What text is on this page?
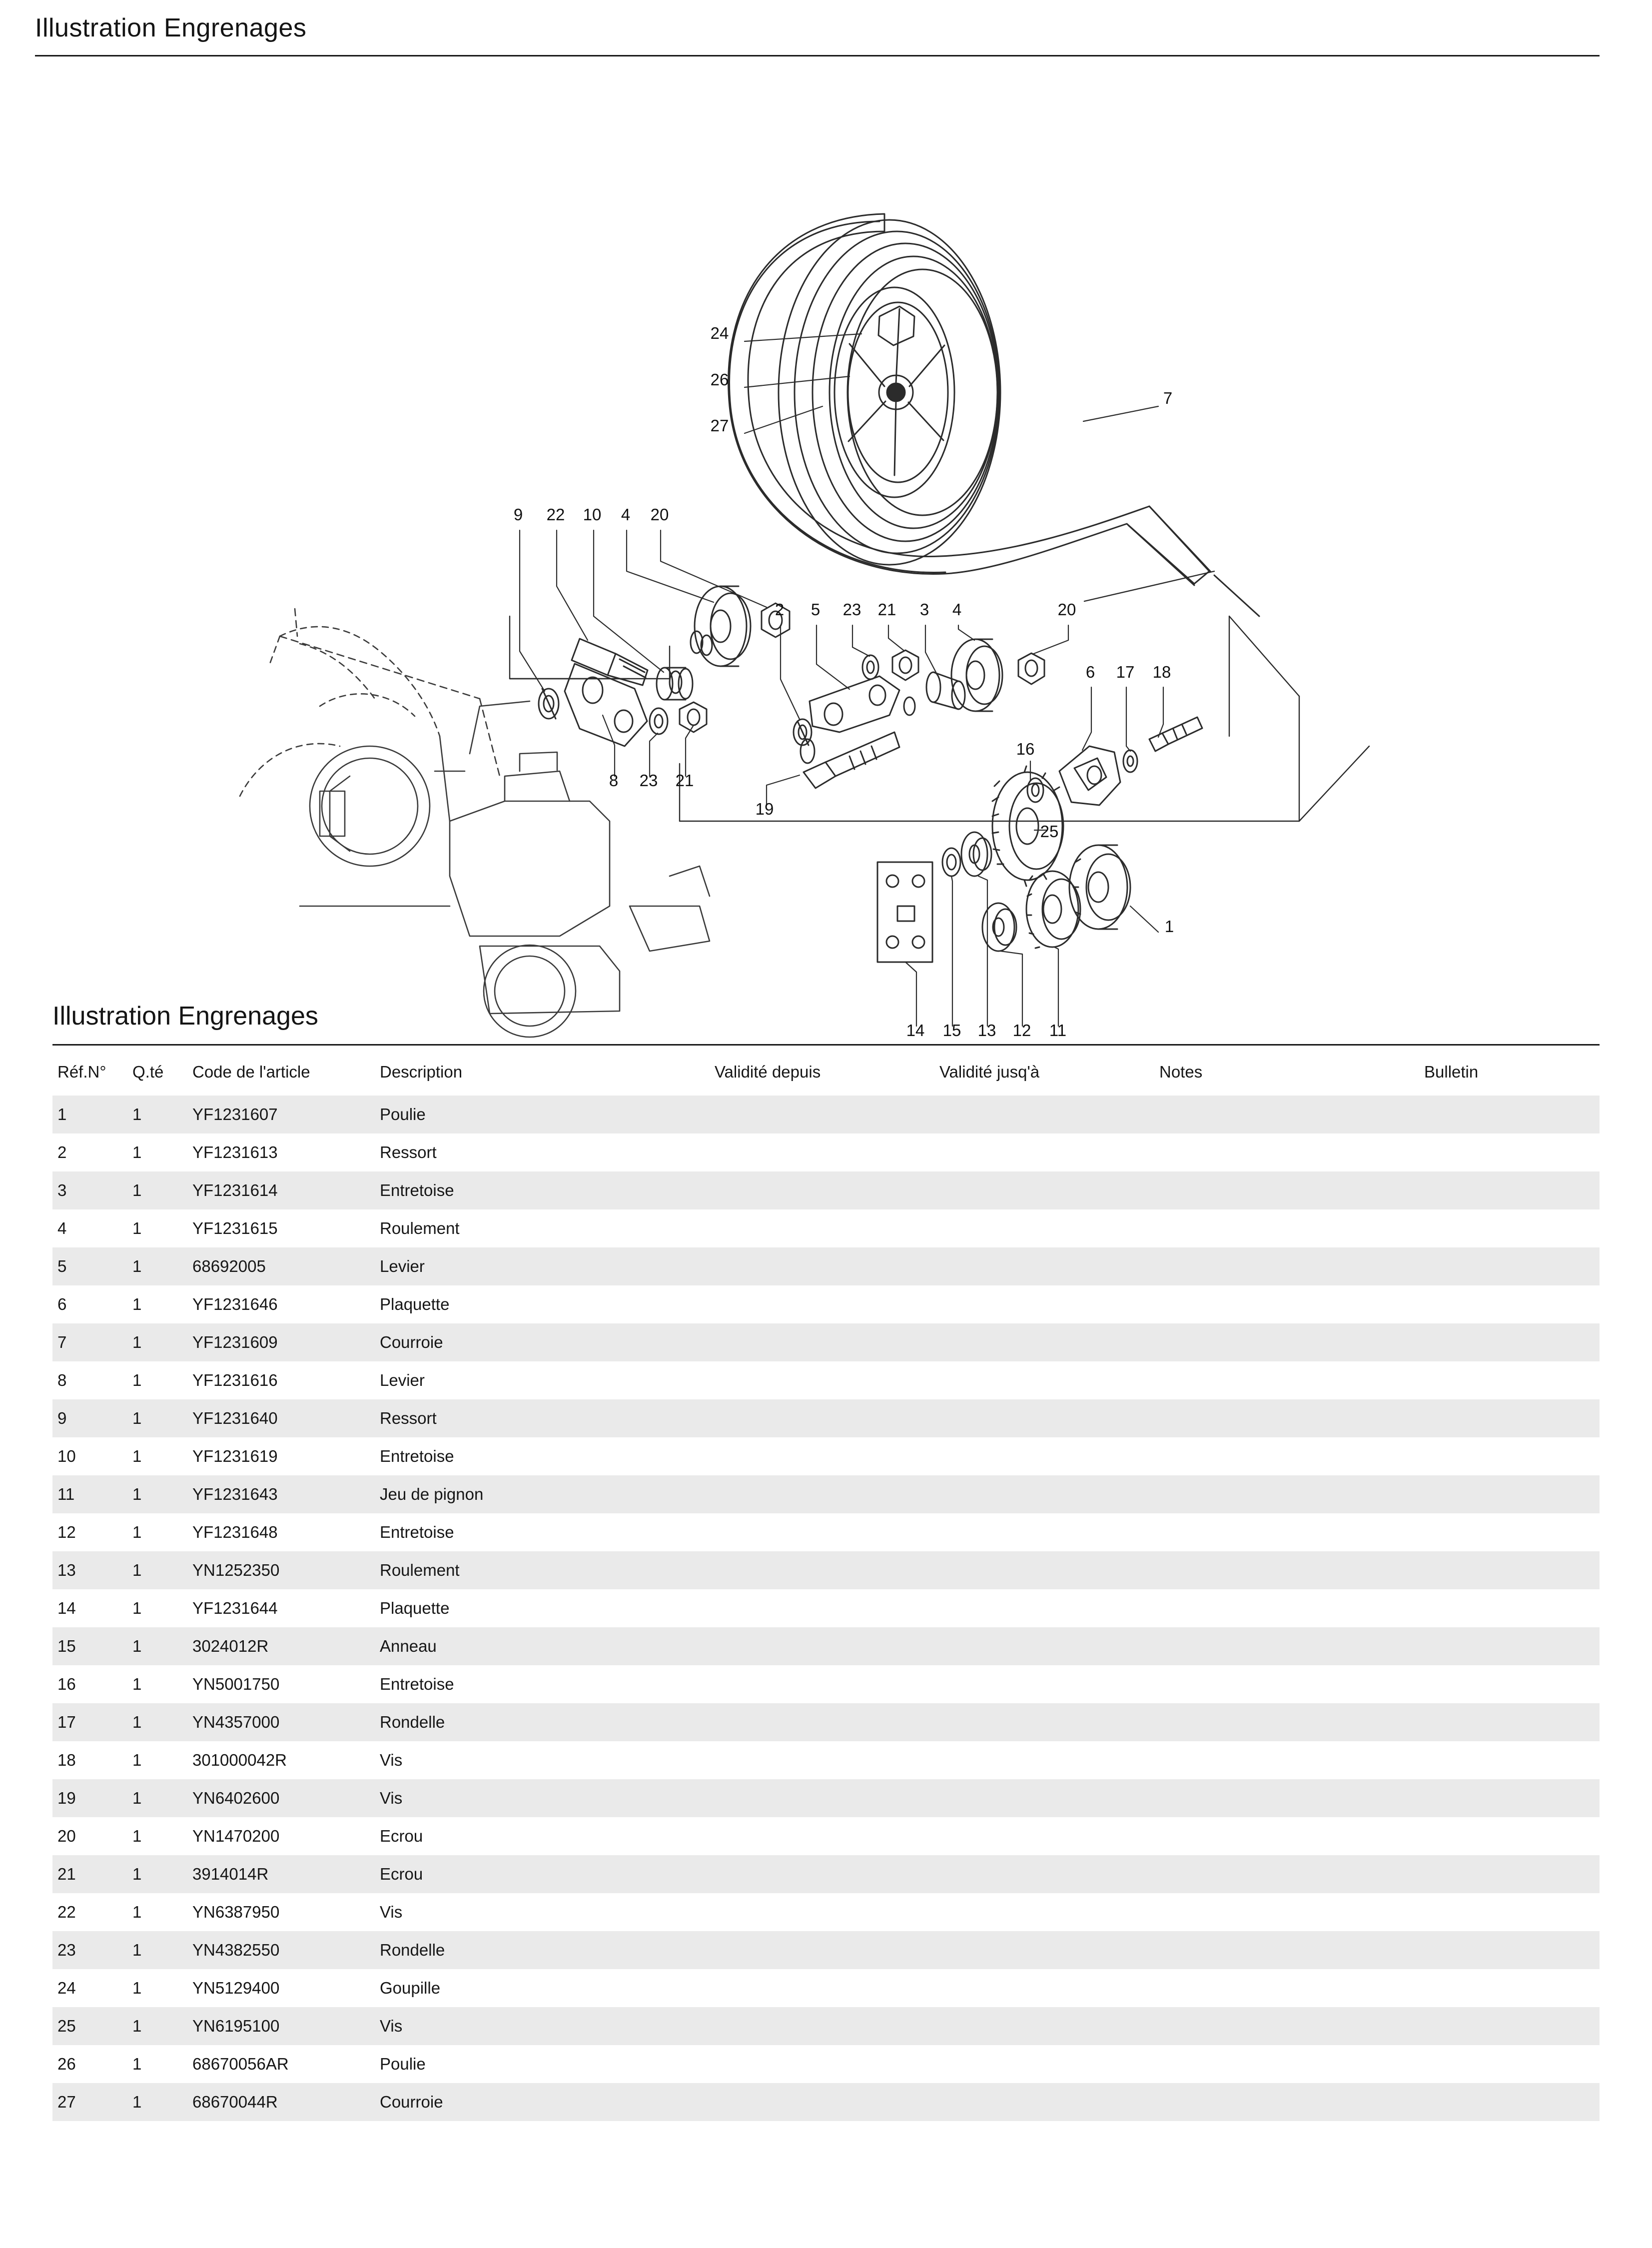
Illustration Engrenages
24
26
27
7
9 22 10 4 20
2 5 23 21 3 4	20
6 17 18
16
8 23 21
19
25
1
14 15 13 12 11
Illustration Engrenages
Réf.N°	Q.té	Code de l'article	Description	Validité depuis	Validité jusq'à	Notes	Bulletin
1	1	YF1231607	Poulie				
2	1	YF1231613	Ressort				
3	1	YF1231614	Entretoise				
4	1	YF1231615	Roulement				
5	1	68692005	Levier				
6	1	YF1231646	Plaquette				
7	1	YF1231609	Courroie				
8	1	YF1231616	Levier				
9	1	YF1231640	Ressort				
10	1	YF1231619	Entretoise				
11	1	YF1231643	Jeu de pignon				
12	1	YF1231648	Entretoise				
13	1	YN1252350	Roulement				
14	1	YF1231644	Plaquette				
15	1	3024012R	Anneau				
16	1	YN5001750	Entretoise				
17	1	YN4357000	Rondelle				
18	1	301000042R	Vis				
19	1	YN6402600	Vis				
20	1	YN1470200	Ecrou				
21	1	3914014R	Ecrou				
22	1	YN6387950	Vis				
23	1	YN4382550	Rondelle				
24	1	YN5129400	Goupille				
25	1	YN6195100	Vis				
26	1	68670056AR	Poulie				
27	1	68670044R	Courroie				
